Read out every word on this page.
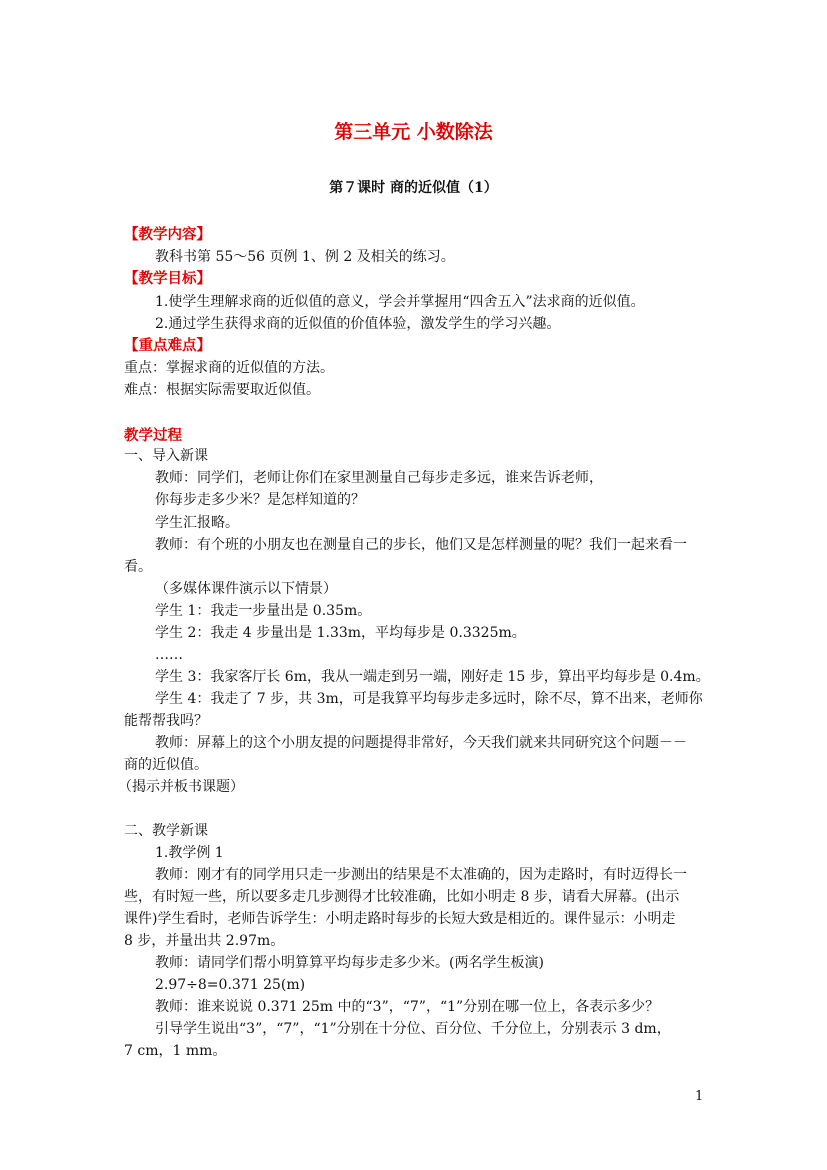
第三单元 小数除法
第７课时 商的近似值（1）
【教学内容】
教科书第 55～56 页例 1、例 2 及相关的练习。
【教学目标】
1.使学生理解求商的近似值的意义，学会并掌握用“四舍五入”法求商的近似值。
2.通过学生获得求商的近似值的价值体验，激发学生的学习兴趣。
【重点难点】
重点：掌握求商的近似值的方法。
难点：根据实际需要取近似值。
教学过程
一、导入新课
教师：同学们，老师让你们在家里测量自己每步走多远，谁来告诉老师，
你每步走多少米？是怎样知道的？
学生汇报略。
教师：有个班的小朋友也在测量自己的步长，他们又是怎样测量的呢？我们一起来看一
看。
（多媒体课件演示以下情景）
学生 1：我走一步量出是 0.35m。
学生 2：我走 4 步量出是 1.33m，平均每步是 0.3325m。
……
学生 3：我家客厅长 6m，我从一端走到另一端，刚好走 15 步，算出平均每步是 0.4m。
学生 4：我走了 7 步，共 3m，可是我算平均每步走多远时，除不尽，算不出来，老师你
能帮帮我吗？
教师：屏幕上的这个小朋友提的问题提得非常好，今天我们就来共同研究这个问题－－
商的近似值。
（揭示并板书课题）
二、教学新课
1.教学例 1
教师：刚才有的同学用只走一步测出的结果是不太准确的，因为走路时，有时迈得长一
些，有时短一些，所以要多走几步测得才比较准确，比如小明走 8 步，请看大屏幕。(出示
课件)学生看时，老师告诉学生：小明走路时每步的长短大致是相近的。课件显示：小明走
8 步，并量出共 2.97m。
教师：请同学们帮小明算算平均每步走多少米。(两名学生板演)
2.97÷8=0.371 25(m)
教师：谁来说说 0.371 25m 中的“3”，“7”，“1”分别在哪一位上，各表示多少？
引导学生说出“3”，“7”，“1”分别在十分位、百分位、千分位上，分别表示 3 dm，
7 cm，1 mm。
1
